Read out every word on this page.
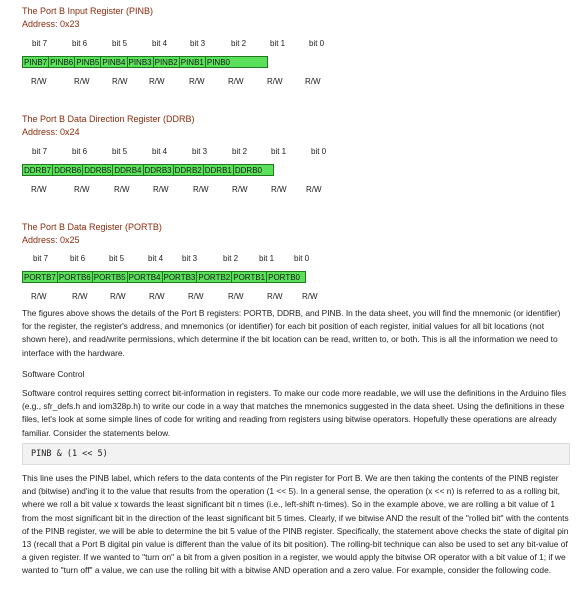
The Port B Input Register (PINB)
Address: 0x23
bit 7	bit 6	bit 5	bit 4	bit 3	bit 2	bit 1	bit 0
PINB7 PINB6 PINB5 PINB4 PINB3 PINB2 PINB1 PINB0
R/W	R/W	R/W	R/W	R/W	R/W	R/W	R/W
The Port B Data Direction Register (DDRB)
Address: 0x24
bit 7	bit 6	bit 5	bit 4	bit 3	bit 2	bit 1	bit 0
DDRB7 DDRB6 DDRB5 DDRB4 DDRB3 DDRB2 DDRB1 DDRB0
R/W	R/W	R/W	R/W	R/W	R/W	R/W R/W
The Port B Data Register (PORTB)
Address: 0x25
bit 7	bit 6	bit 5	bit 4 bit 3	bit 2	bit 1 bit 0
PORTB7 PORTB6 PORTB5 PORTB4 PORTB3 PORTB2 PORTB1 PORTB0
R/W	R/W	R/W	R/W	R/W	R/W	R/W R/W

The figures above shows the details of the Port B registers: PORTB, DDRB, and PINB. In the data sheet, you will find the mnemonic (or identifier) for the register, the register's address, and mnemonics (or identifier) for each bit position of each register, initial values for all bit locations (not shown here), and read/write permissions, which determine if the bit location can be read, written to, or both. This is all the information we need to interface with the hardware.

Software Control

Software control requires setting correct bit-information in registers. To make our code more readable, we will use the definitions in the Arduino files (e.g., sfr_defs.h and iom328p.h) to write our code in a way that matches the mnemonics suggested in the data sheet. Using the definitions in these files, let's look at some simple lines of code for writing and reading from registers using bitwise operators. Hopefully these operations are already familiar. Consider the statements below.

PINB & (1 << 5)

This line uses the PINB label, which refers to the data contents of the Pin register for Port B. We are then taking the contents of the PINB register and (bitwise) and'ing it to the value that results from the operation (1 << 5). In a general sense, the operation (x << n) is referred to as a rolling bit, where we roll a bit value x towards the least significant bit n times (i.e., left-shift n-times). So in the example above, we are rolling a bit value of 1 from the most significant bit in the direction of the least significant bit 5 times. Clearly, if we bitwise AND the result of the "rolled bit" with the contents of the PINB register, we will be able to determine the bit 5 value of the PINB register. Specifically, the statement above checks the state of digital pin 13 (recall that a Port B digital pin value is different than the value of its bit position). The rolling-bit technique can also be used to set any bit-value of a given register. If we wanted to "turn on" a bit from a given position in a register, we would apply the bitwise OR operator with a bit value of 1; if we wanted to "turn off" a value, we can use the rolling bit with a bitwise AND operation and a zero value. For example, consider the following code.
